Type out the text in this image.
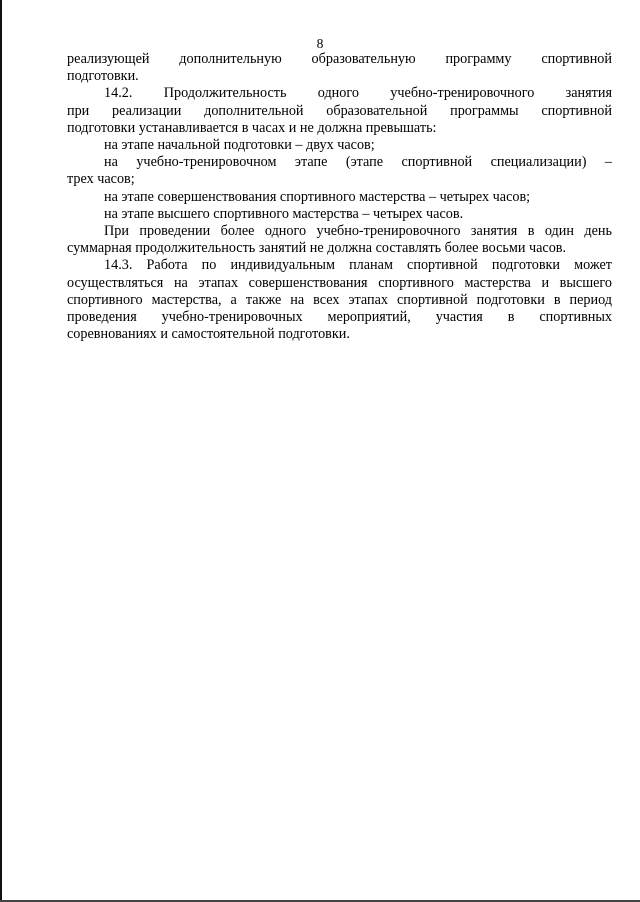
8

реализующей дополнительную образовательную программу спортивной

подготовки.

14.2. Продолжительность одного учебно-тренировочного занятия

при реализации дополнительной образовательной программы спортивной

подготовки устанавливается в часах и не должна превышать:

на этапе начальной подготовки – двух часов;

на учебно-тренировочном этапе (этапе спортивной специализации) –

трех часов;

на этапе совершенствования спортивного мастерства – четырех часов;

на этапе высшего спортивного мастерства – четырех часов.

При проведении более одного учебно-тренировочного занятия в один день

суммарная продолжительность занятий не должна составлять более восьми часов.

14.3. Работа по индивидуальным планам спортивной подготовки может

осуществляться на этапах совершенствования спортивного мастерства и высшего

спортивного мастерства, а также на всех этапах спортивной подготовки в период

проведения учебно-тренировочных мероприятий, участия в спортивных

соревнованиях и самостоятельной подготовки.
